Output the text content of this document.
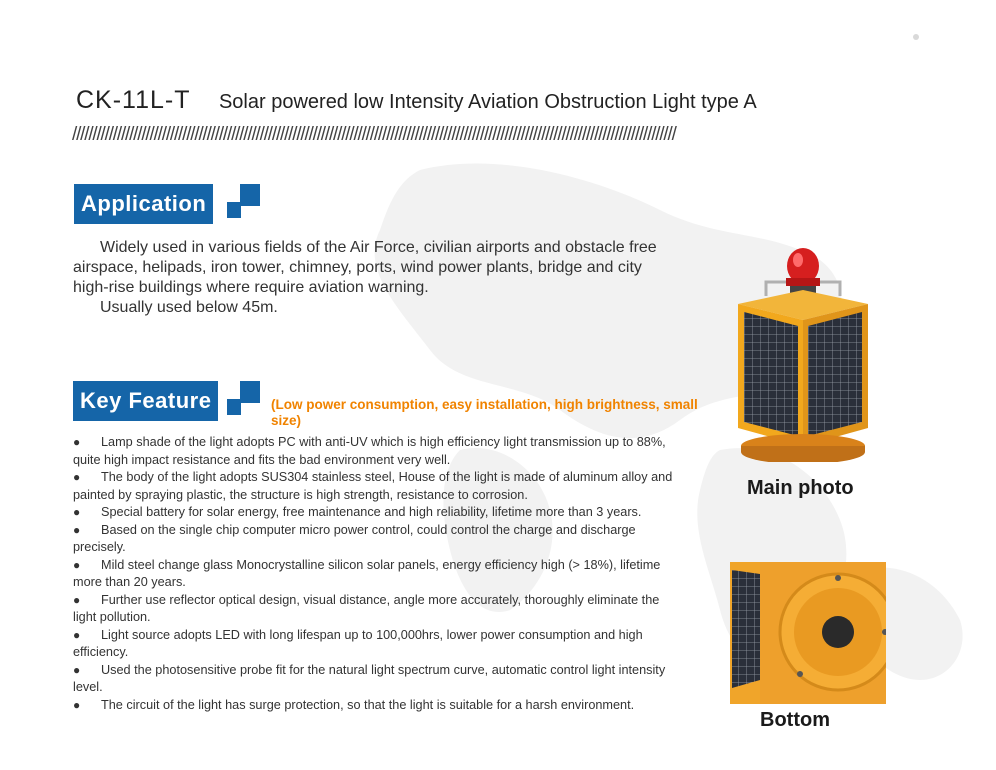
CK-11L-T Solar powered low Intensity Aviation Obstruction Light type A
////////////////////////////////////////////////////////////////////////////////////////////////////////////////////////////////////////////////////
Application

Widely used in various fields of the Air Force, civilian airports and obstacle free airspace, helipads, iron tower, chimney, ports, wind power plants, bridge and city high-rise buildings where require aviation warning.

Usually used below 45m.

Key Feature	(Low power consumption, easy installation, high brightness, small size)
● Lamp shade of the light adopts PC with anti-UV which is high efficiency light transmission up to 88%, quite high impact resistance and fits the bad environment very well.
● The body of the light adopts SUS304 stainless steel, House of the light is made of aluminum alloy and painted by spraying plastic, the structure is high strength, resistance to corrosion.
● Special battery for solar energy, free maintenance and high reliability, lifetime more than 3 years.
● Based on the single chip computer micro power control, could control the charge and discharge precisely.
● Mild steel change glass Monocrystalline silicon solar panels, energy efficiency high (> 18%), lifetime more than 20 years.
● Further use reflector optical design, visual distance, angle more accurately, thoroughly eliminate the light pollution.
● Light source adopts LED with long lifespan up to 100,000hrs, lower power consumption and high efficiency.
● Used the photosensitive probe fit for the natural light spectrum curve, automatic control light intensity level.
● The circuit of the light has surge protection, so that the light is suitable for a harsh environment.
Main photo
Bottom
